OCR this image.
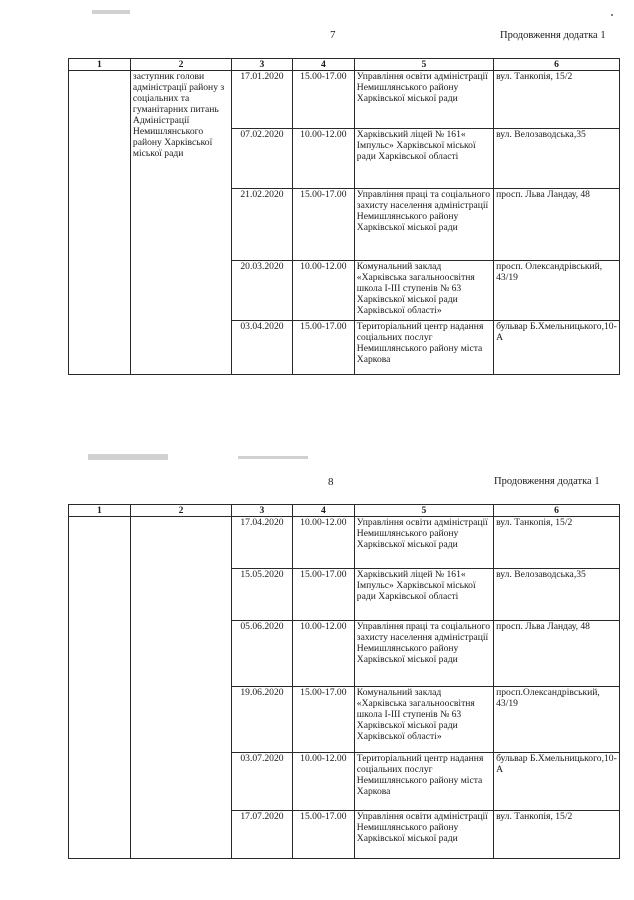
7	Продовження додатка 1
1	2	3	4	5	6
	заступник голови адміністрації району з соціальних та гуманітарних питань Адміністрації Немишлянського району Харківської міської ради	17.01.2020	15.00-17.00	Управління освіти адміністрації Немишлянського району Харківської міської ради	вул. Танкопія, 15/2
		07.02.2020	10.00-12.00	Харківський ліцей № 161« Імпульс» Харківської міської ради Харківської області	вул. Велозаводська,35
		21.02.2020	15.00-17.00	Управління праці та соціального захисту населення адміністрації Немишлянського району Харківської міської ради	просп. Льва Ландау, 48
		20.03.2020	10.00-12.00	Комунальний заклад «Харківська загальноосвітня школа І-ІІІ ступенів № 63 Харківської міської ради Харківської області»	просп. Олександрівський, 43/19
		03.04.2020	15.00-17.00	Територіальний центр надання соціальних послуг Немишлянського району міста Харкова	бульвар Б.Хмельницького,10-А
8	Продовження додатка 1
1	2	3	4	5	6
		17.04.2020	10.00-12.00	Управління освіти адміністрації Немишлянського району Харківської міської ради	вул. Танкопія, 15/2
		15.05.2020	15.00-17.00	Харківський ліцей № 161« Імпульс» Харківської міської ради Харківської області	вул. Велозаводська,35
		05.06.2020	10.00-12.00	Управління праці та соціального захисту населення адміністрації Немишлянського району Харківської міської ради	просп. Льва Ландау, 48
		19.06.2020	15.00-17.00	Комунальний заклад «Харківська загальноосвітня школа І-ІІІ ступенів № 63 Харківської міської ради Харківської області»	просп.Олександрівський, 43/19
		03.07.2020	10.00-12.00	Територіальний центр надання соціальних послуг Немишлянського району міста Харкова	бульвар Б.Хмельницького,10-А
		17.07.2020	15.00-17.00	Управління освіти адміністрації Немишлянського району Харківської міської ради	вул. Танкопія, 15/2
